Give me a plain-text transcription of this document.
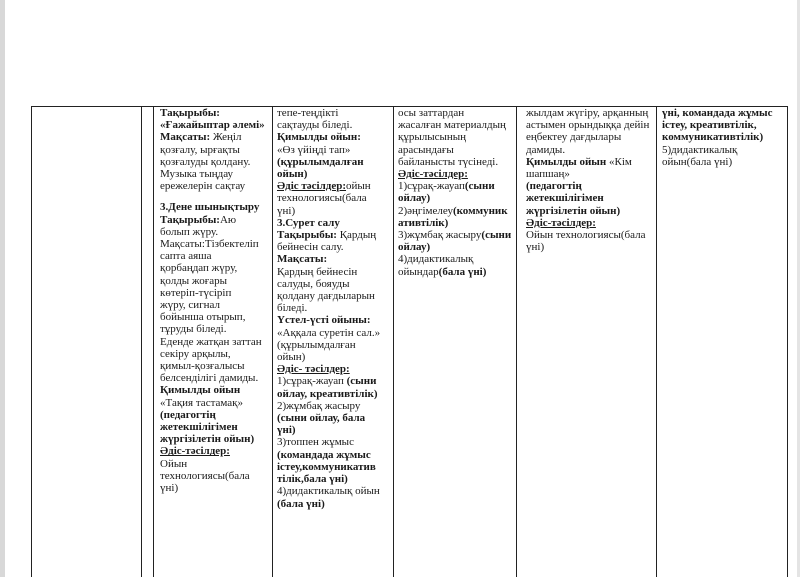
Тақырыбы:
«Ғажайыптар әлемі»
Мақсаты: Жеңіл
қозғалу, ырғақты
қозғалуды қолдану.
Музыка тыңдау
ережелерін сақтау
3.Дене шынықтыру
Тақырыбы:Аю
болып жүру.
Мақсаты:Тізбектеліп
сапта аяша
қорбаңдап жүру,
қолды жоғары
көтеріп-түсіріп
жүру, сигнал
бойынша отырып,
тұруды біледі.
Еденде жатқан заттан
секіру арқылы,
қимыл-қозғалысы
белсенділігі дамиды.
Қимылды ойын
«Тақия тастамақ»
(педагогтің
жетекшілігімен
жүргізілетін ойын)
Әдіс-тәсілдер:
Ойын
технологиясы(бала
үні)
тепе-теңдікті
сақтауды біледі.
Қимылды ойын:
«Өз үйіңді тап»
(құрылымдалған
ойын)
Әдіс тәсілдер:ойын
технологиясы(бала
үні)
3.Сурет салу
Тақырыбы: Қардың
бейнесін салу.
Мақсаты:
Қардың бейнесін
салуды, бояуды
қолдану дағдыларын
біледі.
Үстел-үсті ойыны:
«Аққала суретін сал.»
(құрылымдалған
ойын)
Әдіс- тәсілдер:
1)сұрақ-жауап (сыни
ойлау, креативтілік)
2)жұмбақ жасыру
(сыни ойлау, бала
үні)
3)топпен жұмыс
(командада жұмыс
істеу,коммуникатив
тілік,бала үні)
4)дидактикалық ойын
(бала үні)
осы заттардан
жасалған материалдың
құрылысының
арасындағы
байланысты түсінеді.
Әдіс-тәсілдер:
1)сұрақ-жауап(сыни
ойлау)
2)әңгімелеу(коммуник
ативтілік)
3)жұмбақ жасыру(сыни
ойлау)
4)дидактикалық
ойындар(бала үні)
жылдам жүгіру, арқанның
астымен орындыққа дейін
еңбектеу дағдылары
дамиды.
Қимылды ойын «Кім
шапшаң»
(педагогтің
жетекшілігімен
жүргізілетін ойын)
Әдіс-тәсілдер:
Ойын технологиясы(бала
үні)
үні, командада жұмыс
істеу, креативтілік,
коммуникативтілік)
5)дидактикалық
ойын(бала үні)
